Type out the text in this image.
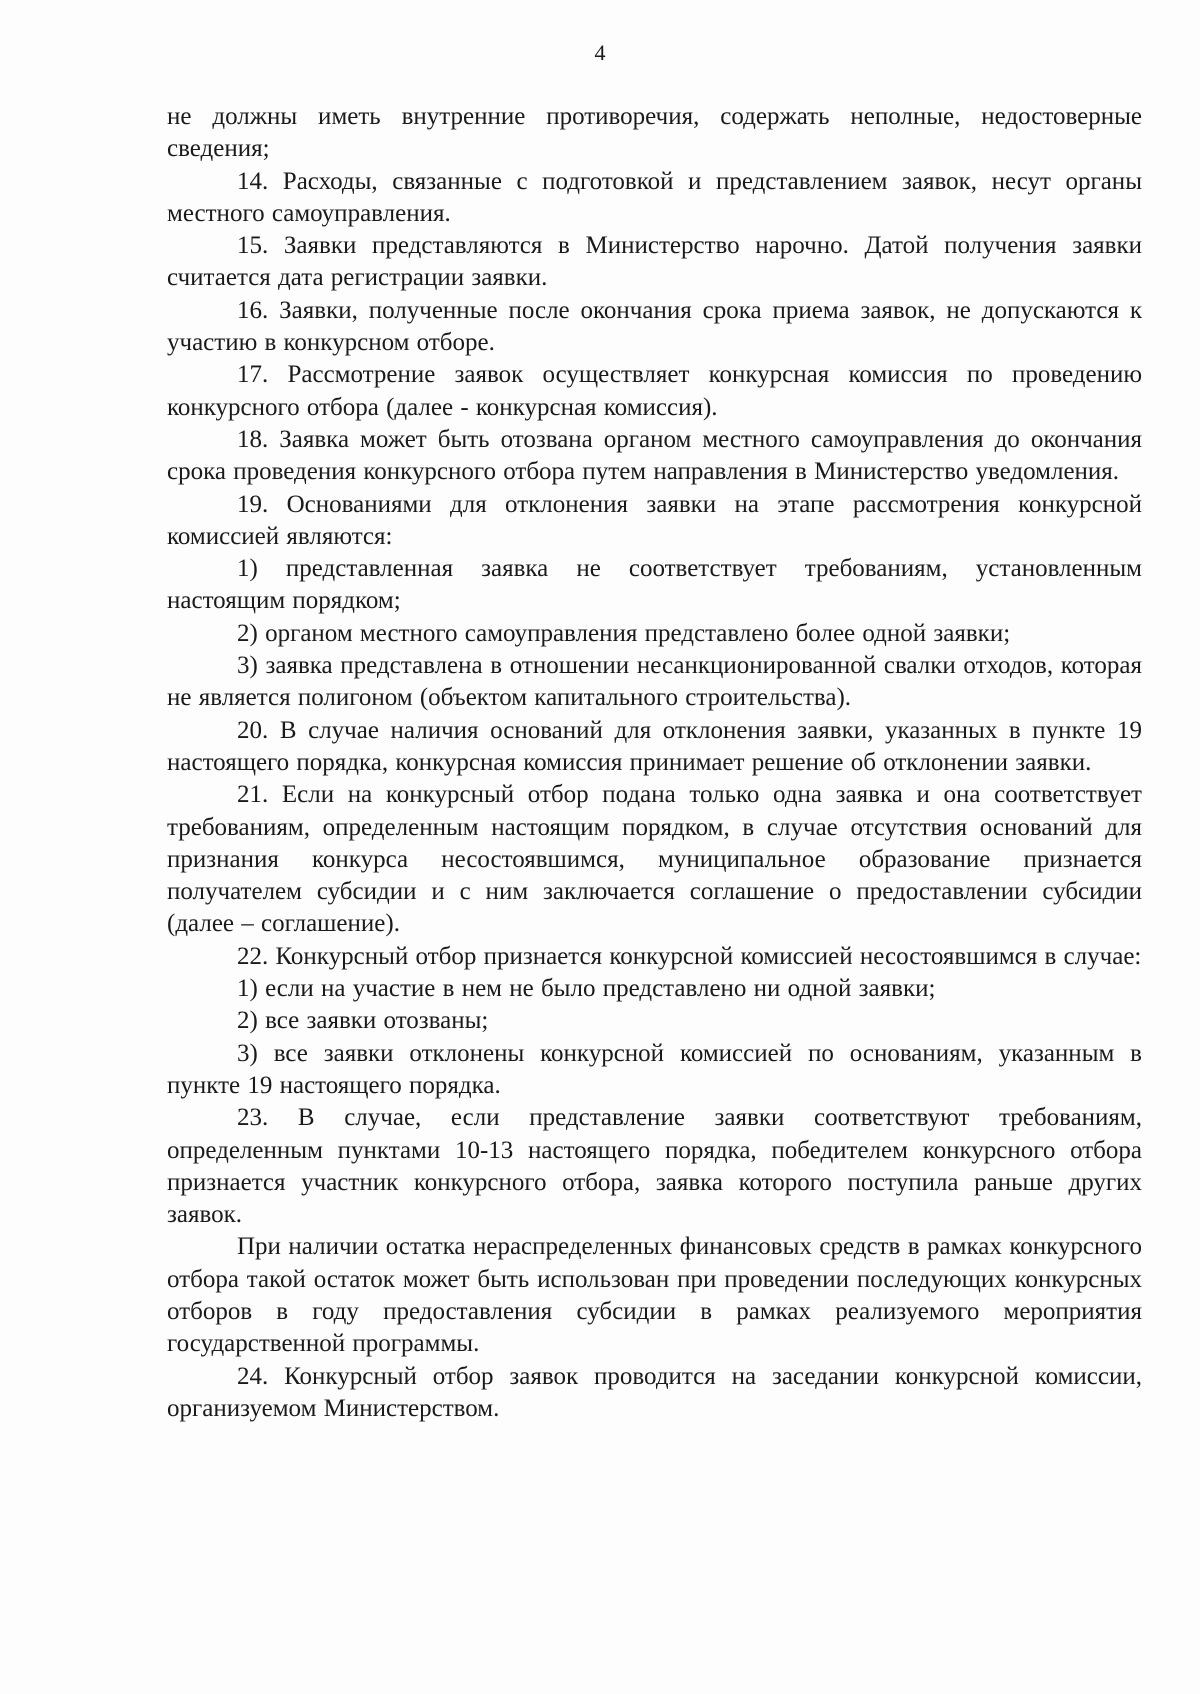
4

не должны иметь внутренние противоречия, содержать неполные, недостоверные сведения;

14. Расходы, связанные с подготовкой и представлением заявок, несут органы местного самоуправления.

15. Заявки представляются в Министерство нарочно. Датой получения заявки считается дата регистрации заявки.

16. Заявки, полученные после окончания срока приема заявок, не допускаются к участию в конкурсном отборе.

17. Рассмотрение заявок осуществляет конкурсная комиссия по проведению конкурсного отбора (далее - конкурсная комиссия).

18. Заявка может быть отозвана органом местного самоуправления до окончания срока проведения конкурсного отбора путем направления в Министерство уведомления.

19. Основаниями для отклонения заявки на этапе рассмотрения конкурсной комиссией являются:

1) представленная заявка не соответствует требованиям, установленным настоящим порядком;

2) органом местного самоуправления представлено более одной заявки;

3) заявка представлена в отношении несанкционированной свалки отходов, которая не является полигоном (объектом капитального строительства).

20. В случае наличия оснований для отклонения заявки, указанных в пункте 19 настоящего порядка, конкурсная комиссия принимает решение об отклонении заявки.

21. Если на конкурсный отбор подана только одна заявка и она соответствует требованиям, определенным настоящим порядком, в случае отсутствия оснований для признания конкурса несостоявшимся, муниципальное образование признается получателем субсидии и с ним заключается соглашение о предоставлении субсидии (далее – соглашение).

22. Конкурсный отбор признается конкурсной комиссией несостоявшимся в случае:

1) если на участие в нем не было представлено ни одной заявки;

2) все заявки отозваны;

3) все заявки отклонены конкурсной комиссией по основаниям, указанным в пункте 19 настоящего порядка.

23. В случае, если представление заявки соответствуют требованиям, определенным пунктами 10-13 настоящего порядка, победителем конкурсного отбора признается участник конкурсного отбора, заявка которого поступила раньше других заявок.

При наличии остатка нераспределенных финансовых средств в рамках конкурсного отбора такой остаток может быть использован при проведении последующих конкурсных отборов в году предоставления субсидии в рамках реализуемого мероприятия государственной программы.

24. Конкурсный отбор заявок проводится на заседании конкурсной комиссии, организуемом Министерством.
